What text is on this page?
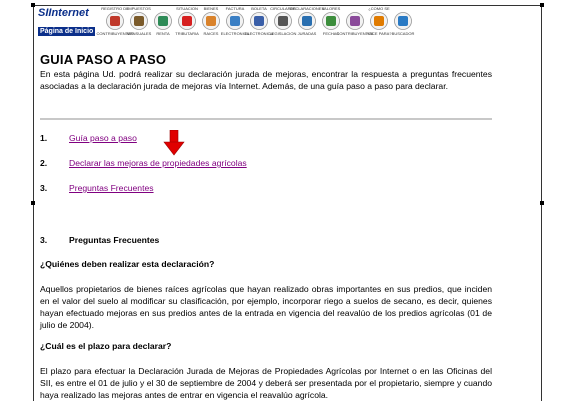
SIInternet
Página de Inicio
REGISTRO DE
CONTRIBUYENTES
IMPUESTOS
MENSUALES RENTA
SITUACION
TRIBUTARIA
BIENES
RAICES
FACTURA
ELECTRONICA
BOLETA
ELECTRONICA
CIRCULARES
LEGISLACION
DECLARACIONES
JURADAS
VALORES
FECHAS
CONTRIBUYENTES
¿COMO SE
HACE PARA? BUSCADOR
GUIA PASO A PASO

En esta página Ud. podrá realizar su declaración jurada de mejoras, encontrar la respuesta a preguntas frecuentes asociadas a la declaración jurada de mejoras vía Internet. Además, de una guía paso a paso para declarar.

1.	Guía paso a paso
2.	Declarar las mejoras de propiedades agrícolas
3.	Preguntas Frecuentes
3.	Preguntas Frecuentes

¿Quiénes deben realizar esta declaración?

Aquellos propietarios de bienes raíces agrícolas que hayan realizado obras importantes en sus predios, que inciden en el valor del suelo al modificar su clasificación, por ejemplo, incorporar riego a suelos de secano, es decir, quienes hayan efectuado mejoras en sus predios antes de la entrada en vigencia del reavalúo de los predios agrícolas (01 de julio de 2004).

¿Cuál es el plazo para declarar?

El plazo para efectuar la Declaración Jurada de Mejoras de Propiedades Agrícolas por Internet o en las Oficinas del SII, es entre el 01 de julio y el 30 de septiembre de 2004 y deberá ser presentada por el propietario, siempre y cuando haya realizado las mejoras antes de entrar en vigencia el reavalúo agrícola.
